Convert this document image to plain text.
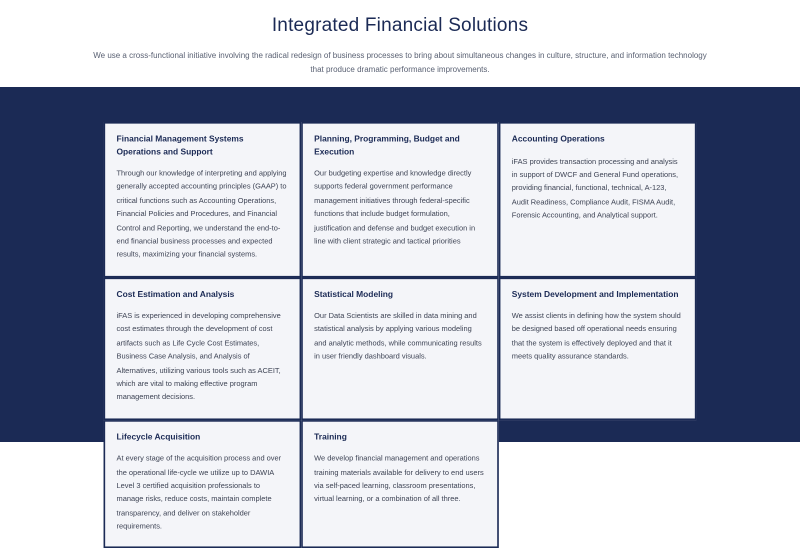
Integrated Financial Solutions

We use a cross-functional initiative involving the radical redesign of business processes to bring about simultaneous changes in culture, structure, and information technology that produce dramatic performance improvements.

Financial Management Systems Operations and Support
Through our knowledge of interpreting and applying generally accepted accounting principles (GAAP) to critical functions such as Accounting Operations, Financial Policies and Procedures, and Financial Control and Reporting, we understand the end-to-end financial business processes and expected results, maximizing your financial systems.
Planning, Programming, Budget and Execution
Our budgeting expertise and knowledge directly supports federal government performance management initiatives through federal-specific functions that include budget formulation, justification and defense and budget execution in line with client strategic and tactical priorities
Accounting Operations
iFAS provides transaction processing and analysis in support of DWCF and General Fund operations, providing financial, functional, technical, A-123, Audit Readiness, Compliance Audit, FISMA Audit, Forensic Accounting, and Analytical support.
Cost Estimation and Analysis
iFAS is experienced in developing comprehensive cost estimates through the development of cost artifacts such as Life Cycle Cost Estimates, Business Case Analysis, and Analysis of Alternatives, utilizing various tools such as ACEIT, which are vital to making effective program management decisions.
Statistical Modeling
Our Data Scientists are skilled in data mining and statistical analysis by applying various modeling and analytic methods, while communicating results in user friendly dashboard visuals.
System Development and Implementation
We assist clients in defining how the system should be designed based off operational needs ensuring that the system is effectively deployed and that it meets quality assurance standards.
Lifecycle Acquisition
At every stage of the acquisition process and over the operational life-cycle we utilize up to DAWIA Level 3 certified acquisition professionals to manage risks, reduce costs, maintain complete transparency, and deliver on stakeholder requirements.
Training
We develop financial management and operations training materials available for delivery to end users via self-paced learning, classroom presentations, virtual learning, or a combination of all three.
